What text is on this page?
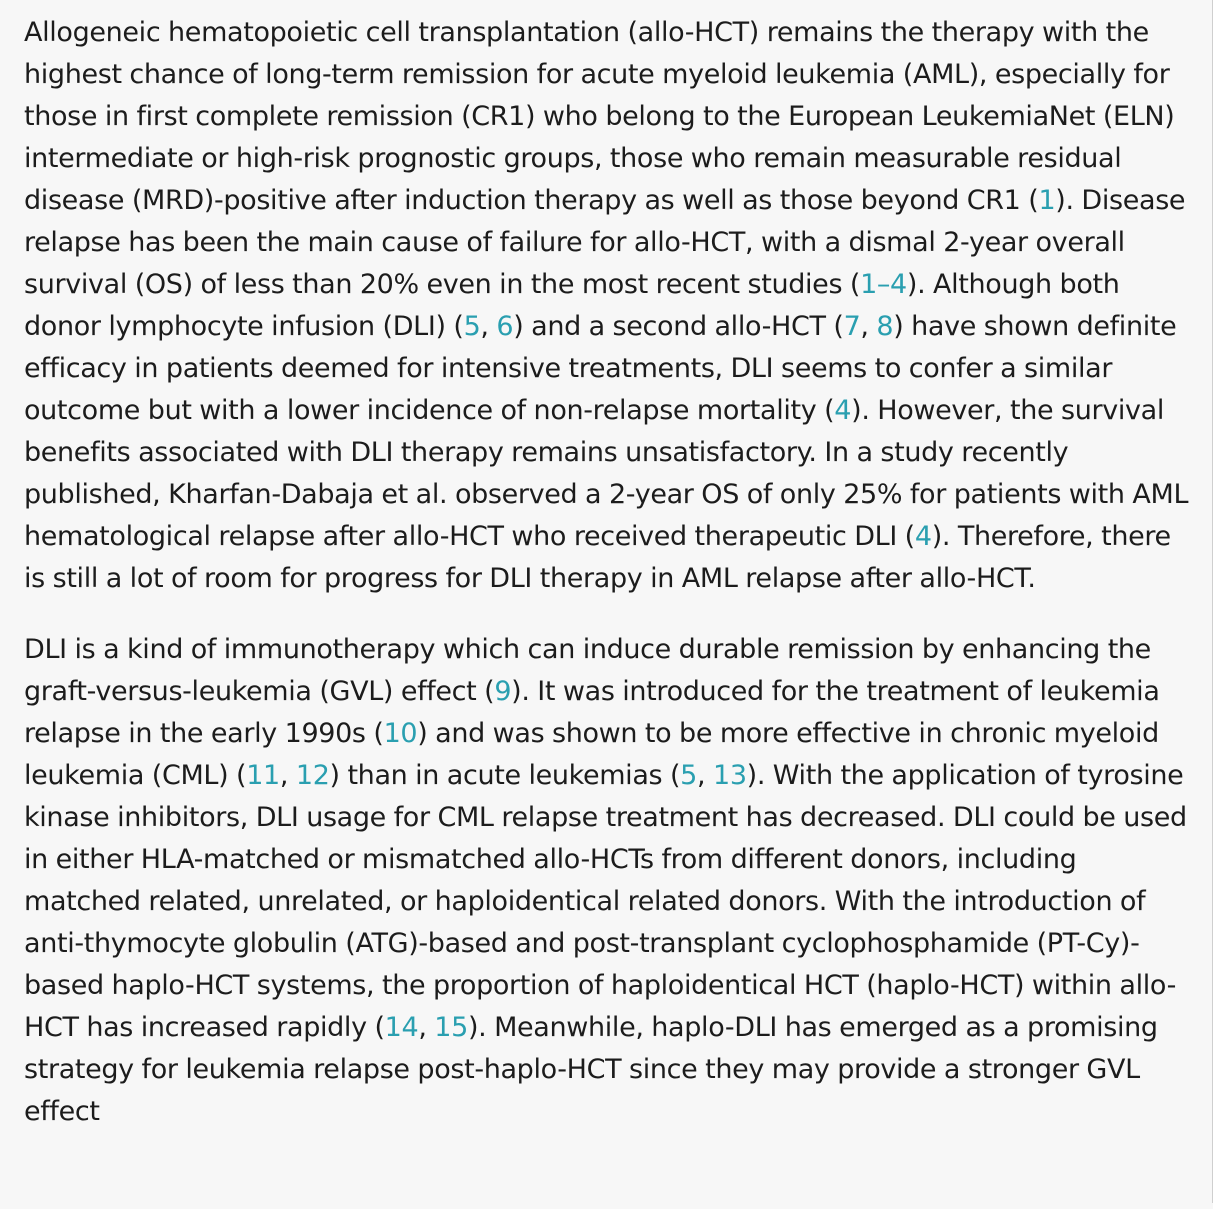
Allogeneic hematopoietic cell transplantation (allo-HCT) remains the therapy with the highest chance of long-term remission for acute myeloid leukemia (AML), especially for those in first complete remission (CR1) who belong to the European LeukemiaNet (ELN) intermediate or high-risk prognostic groups, those who remain measurable residual disease (MRD)-positive after induction therapy as well as those beyond CR1 (1). Disease relapse has been the main cause of failure for allo-HCT, with a dismal 2-year overall survival (OS) of less than 20% even in the most recent studies (1–4). Although both donor lymphocyte infusion (DLI) (5, 6) and a second allo-HCT (7, 8) have shown definite efficacy in patients deemed for intensive treatments, DLI seems to confer a similar outcome but with a lower incidence of non-relapse mortality (4). However, the survival benefits associated with DLI therapy remains unsatisfactory. In a study recently published, Kharfan-Dabaja et al. observed a 2-year OS of only 25% for patients with AML hematological relapse after allo-HCT who received therapeutic DLI (4). Therefore, there is still a lot of room for progress for DLI therapy in AML relapse after allo-HCT.

DLI is a kind of immunotherapy which can induce durable remission by enhancing the graft-versus-leukemia (GVL) effect (9). It was introduced for the treatment of leukemia relapse in the early 1990s (10) and was shown to be more effective in chronic myeloid leukemia (CML) (11, 12) than in acute leukemias (5, 13). With the application of tyrosine kinase inhibitors, DLI usage for CML relapse treatment has decreased. DLI could be used in either HLA-matched or mismatched allo-HCTs from different donors, including matched related, unrelated, or haploidentical related donors. With the introduction of anti-thymocyte globulin (ATG)-based and post-transplant cyclophosphamide (PT-Cy)-based haplo-HCT systems, the proportion of haploidentical HCT (haplo-HCT) within allo-HCT has increased rapidly (14, 15). Meanwhile, haplo-DLI has emerged as a promising strategy for leukemia relapse post-haplo-HCT since they may provide a stronger GVL effect
